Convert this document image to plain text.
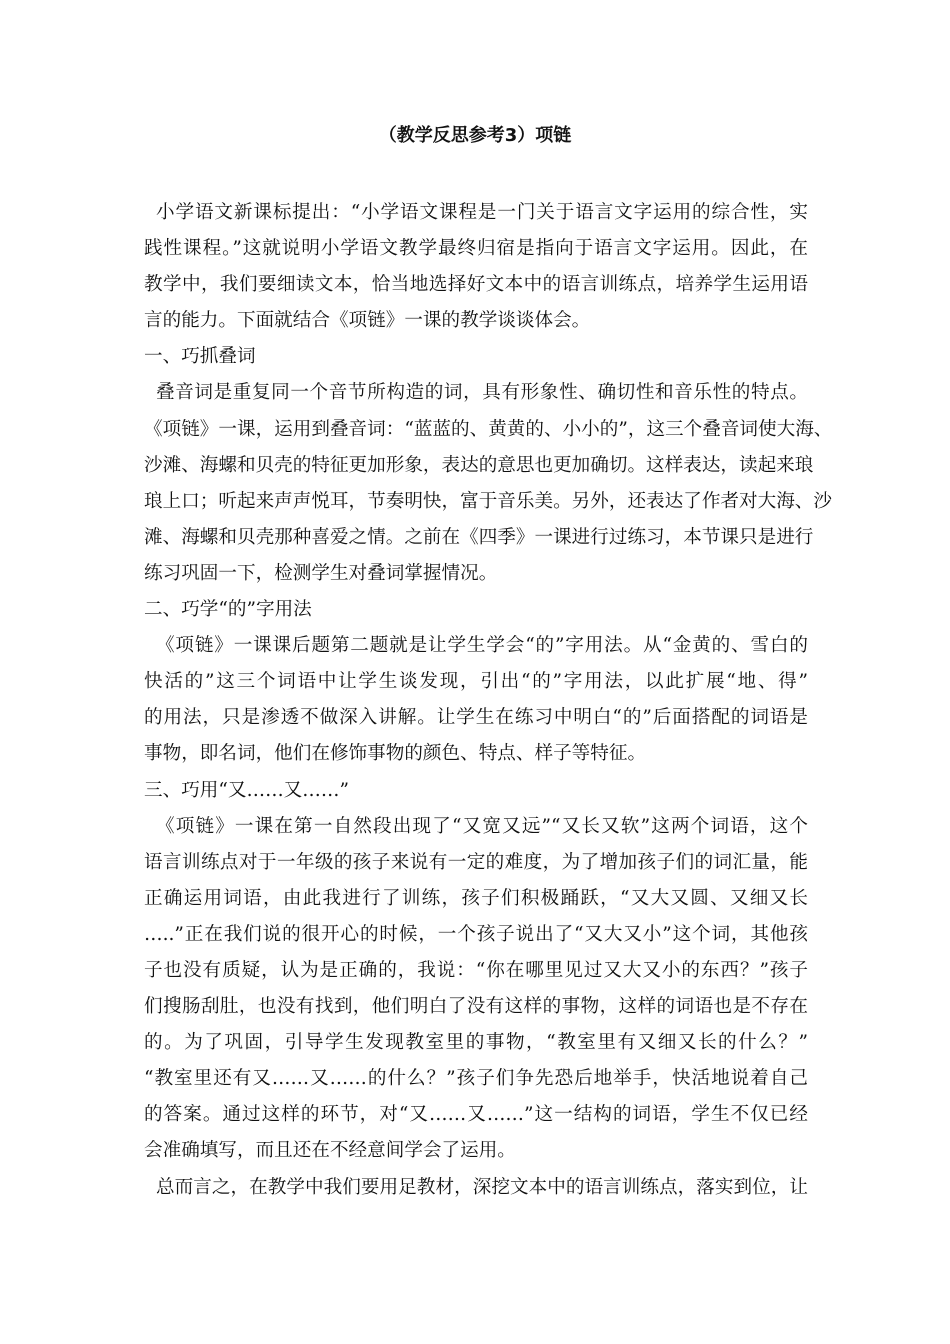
（教学反思参考3）项链
小学语文新课标提出：“小学语文课程是一门关于语言文字运用的综合性，实
践性课程。”这就说明小学语文教学最终归宿是指向于语言文字运用。因此，在
教学中，我们要细读文本，恰当地选择好文本中的语言训练点，培养学生运用语
言的能力。下面就结合《项链》一课的教学谈谈体会。
一、巧抓叠词
叠音词是重复同一个音节所构造的词，具有形象性、确切性和音乐性的特点。
《项链》一课，运用到叠音词：“蓝蓝的、黄黄的、小小的”，这三个叠音词使大海、
沙滩、海螺和贝壳的特征更加形象，表达的意思也更加确切。这样表达，读起来琅
琅上口；听起来声声悦耳，节奏明快，富于音乐美。另外，还表达了作者对大海、沙
滩、海螺和贝壳那种喜爱之情。之前在《四季》一课进行过练习，本节课只是进行
练习巩固一下，检测学生对叠词掌握情况。
二、巧学“的”字用法
《项链》一课课后题第二题就是让学生学会“的”字用法。从“金黄的、雪白的
快活的”这三个词语中让学生谈发现，引出“的”字用法，以此扩展“地、得”
的用法，只是渗透不做深入讲解。让学生在练习中明白“的”后面搭配的词语是
事物，即名词，他们在修饰事物的颜色、特点、样子等特征。
三、巧用“又……又……”
《项链》一课在第一自然段出现了“又宽又远”“又长又软”这两个词语，这个
语言训练点对于一年级的孩子来说有一定的难度，为了增加孩子们的词汇量，能
正确运用词语，由此我进行了训练，孩子们积极踊跃，“又大又圆、又细又长
…..”正在我们说的很开心的时候，一个孩子说出了“又大又小”这个词，其他孩
子也没有质疑，认为是正确的，我说：“你在哪里见过又大又小的东西？”孩子
们搜肠刮肚，也没有找到，他们明白了没有这样的事物，这样的词语也是不存在
的。为了巩固，引导学生发现教室里的事物，“教室里有又细又长的什么？”
“教室里还有又……又……的什么？”孩子们争先恐后地举手，快活地说着自己
的答案。通过这样的环节，对“又……又……”这一结构的词语，学生不仅已经
会准确填写，而且还在不经意间学会了运用。
总而言之，在教学中我们要用足教材，深挖文本中的语言训练点，落实到位，让
